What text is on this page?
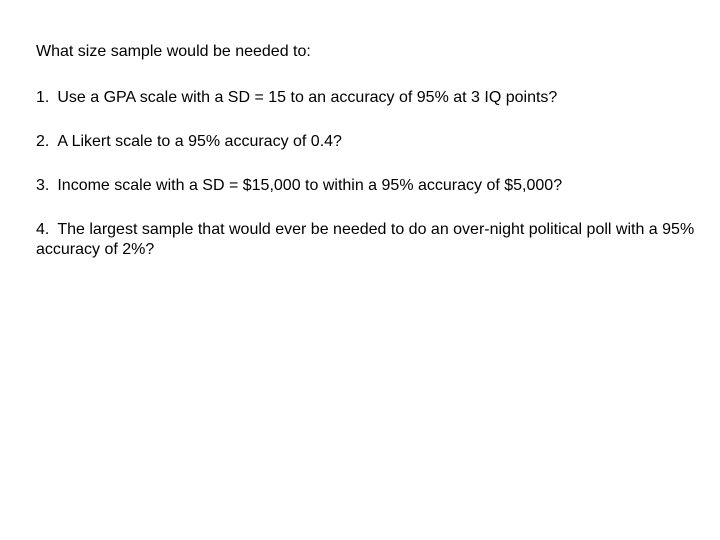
What size sample would be needed to:
1. Use a GPA scale with a SD = 15 to an accuracy of 95% at 3 IQ points?
2. A Likert scale to a 95% accuracy of 0.4?
3. Income scale with a SD = $15,000 to within a 95% accuracy of $5,000?
4. The largest sample that would ever be needed to do an over-night political poll with a 95% accuracy of 2%?
